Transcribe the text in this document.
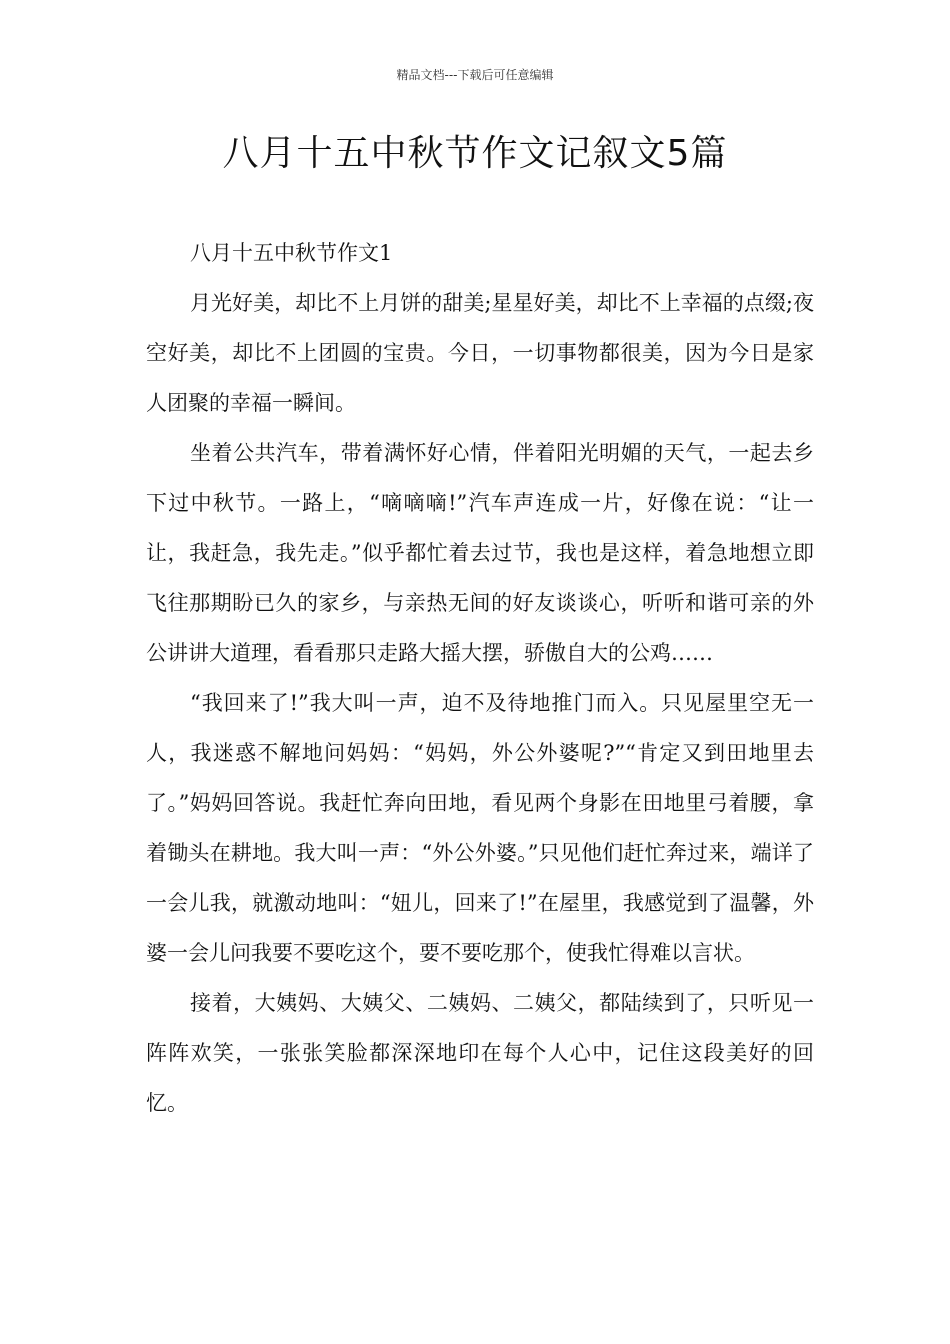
精品文档---下载后可任意编辑
八月十五中秋节作文记叙文5篇

八月十五中秋节作文1

月光好美，却比不上月饼的甜美;星星好美，却比不上幸福的点缀;夜空好美，却比不上团圆的宝贵。今日，一切事物都很美，因为今日是家人团聚的幸福一瞬间。

坐着公共汽车，带着满怀好心情，伴着阳光明媚的天气，一起去乡下过中秋节。一路上，“嘀嘀嘀!”汽车声连成一片，好像在说：“让一让，我赶急，我先走。”似乎都忙着去过节，我也是这样，着急地想立即飞往那期盼已久的家乡，与亲热无间的好友谈谈心，听听和谐可亲的外公讲讲大道理，看看那只走路大摇大摆，骄傲自大的公鸡……

“我回来了!”我大叫一声，迫不及待地推门而入。只见屋里空无一人，我迷惑不解地问妈妈：“妈妈，外公外婆呢?”“肯定又到田地里去了。”妈妈回答说。我赶忙奔向田地，看见两个身影在田地里弓着腰，拿着锄头在耕地。我大叫一声：“外公外婆。”只见他们赶忙奔过来，端详了一会儿我，就激动地叫：“妞儿，回来了!”在屋里，我感觉到了温馨，外婆一会儿问我要不要吃这个，要不要吃那个，使我忙得难以言状。

接着，大姨妈、大姨父、二姨妈、二姨父，都陆续到了，只听见一阵阵欢笑，一张张笑脸都深深地印在每个人心中，记住这段美好的回忆。
